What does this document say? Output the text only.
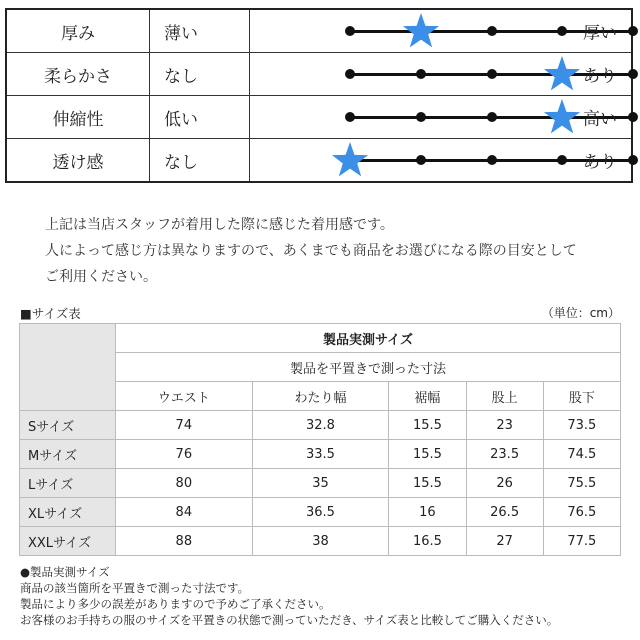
厚み	薄い	厚い

柔らかさ	なし	あり

伸縮性	低い	高い

透け感	なし	あり
上記は当店スタッフが着用した際に感じた着用感です。
人によって感じ方は異なりますので、あくまでも商品をお選びになる際の目安として
ご利用ください。
■サイズ表	（単位：cm）
	製品実測サイズ				
	製品を平置きで測った寸法				
	ウエスト	わたり幅	裾幅	股上	股下
Sサイズ	74	32.8	15.5	23	73.5
Mサイズ	76	33.5	15.5	23.5	74.5
Lサイズ	80	35	15.5	26	75.5
XLサイズ	84	36.5	16	26.5	76.5
XXLサイズ	88	38	16.5	27	77.5
●製品実測サイズ
商品の該当箇所を平置きで測った寸法です。
製品により多少の誤差がありますので予めご了承ください。
お客様のお手持ちの服のサイズを平置きの状態で測っていただき、サイズ表と比較してご購入ください。
